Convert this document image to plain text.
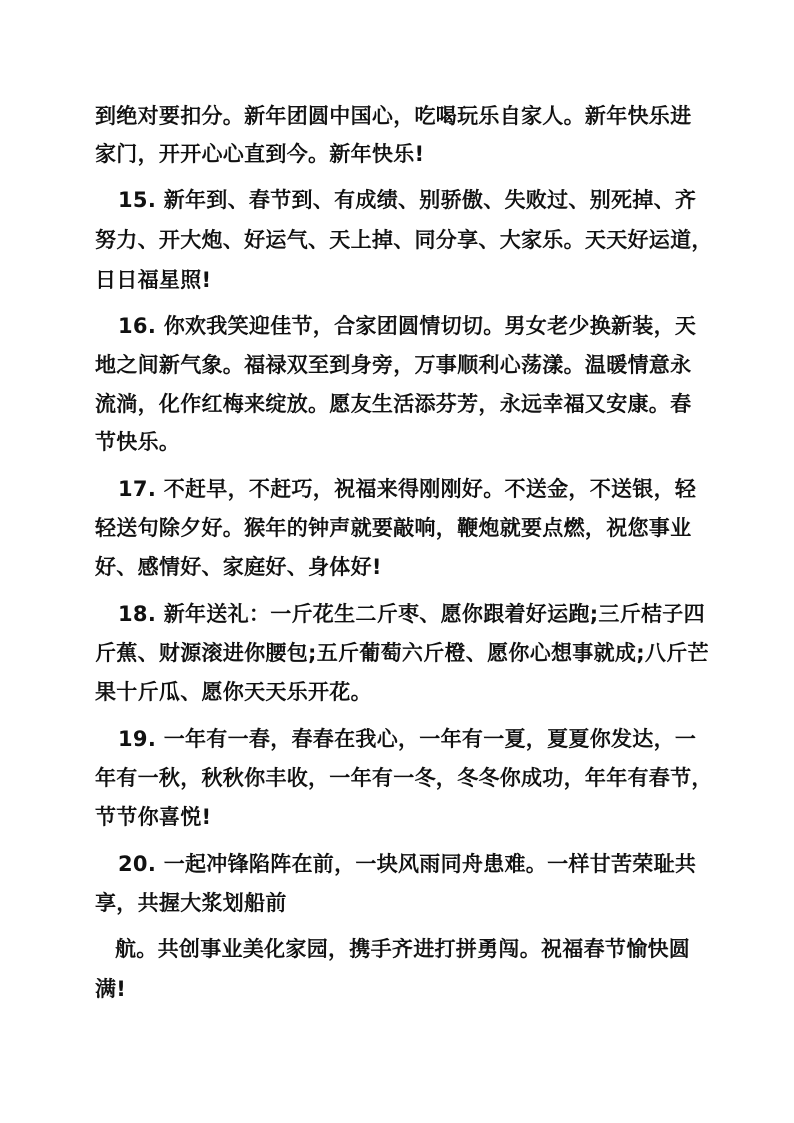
到绝对要扣分。新年团圆中国心，吃喝玩乐自家人。新年快乐进
家门，开开心心直到今。新年快乐!
15. 新年到、春节到、有成绩、别骄傲、失败过、别死掉、齐
努力、开大炮、好运气、天上掉、同分享、大家乐。天天好运道，
日日福星照!
16. 你欢我笑迎佳节，合家团圆情切切。男女老少换新装，天
地之间新气象。福禄双至到身旁，万事顺利心荡漾。温暖情意永
流淌，化作红梅来绽放。愿友生活添芬芳，永远幸福又安康。春
节快乐。
17. 不赶早，不赶巧，祝福来得刚刚好。不送金，不送银，轻
轻送句除夕好。猴年的钟声就要敲响，鞭炮就要点燃，祝您事业
好、感情好、家庭好、身体好!
18. 新年送礼：一斤花生二斤枣、愿你跟着好运跑;三斤桔子四
斤蕉、财源滚进你腰包;五斤葡萄六斤橙、愿你心想事就成;八斤芒
果十斤瓜、愿你天天乐开花。
19. 一年有一春，春春在我心，一年有一夏，夏夏你发达，一
年有一秋，秋秋你丰收，一年有一冬，冬冬你成功，年年有春节，
节节你喜悦!
20. 一起冲锋陷阵在前，一块风雨同舟患难。一样甘苦荣耻共
享，共握大浆划船前
航。共创事业美化家园，携手齐进打拼勇闯。祝福春节愉快圆
满!
